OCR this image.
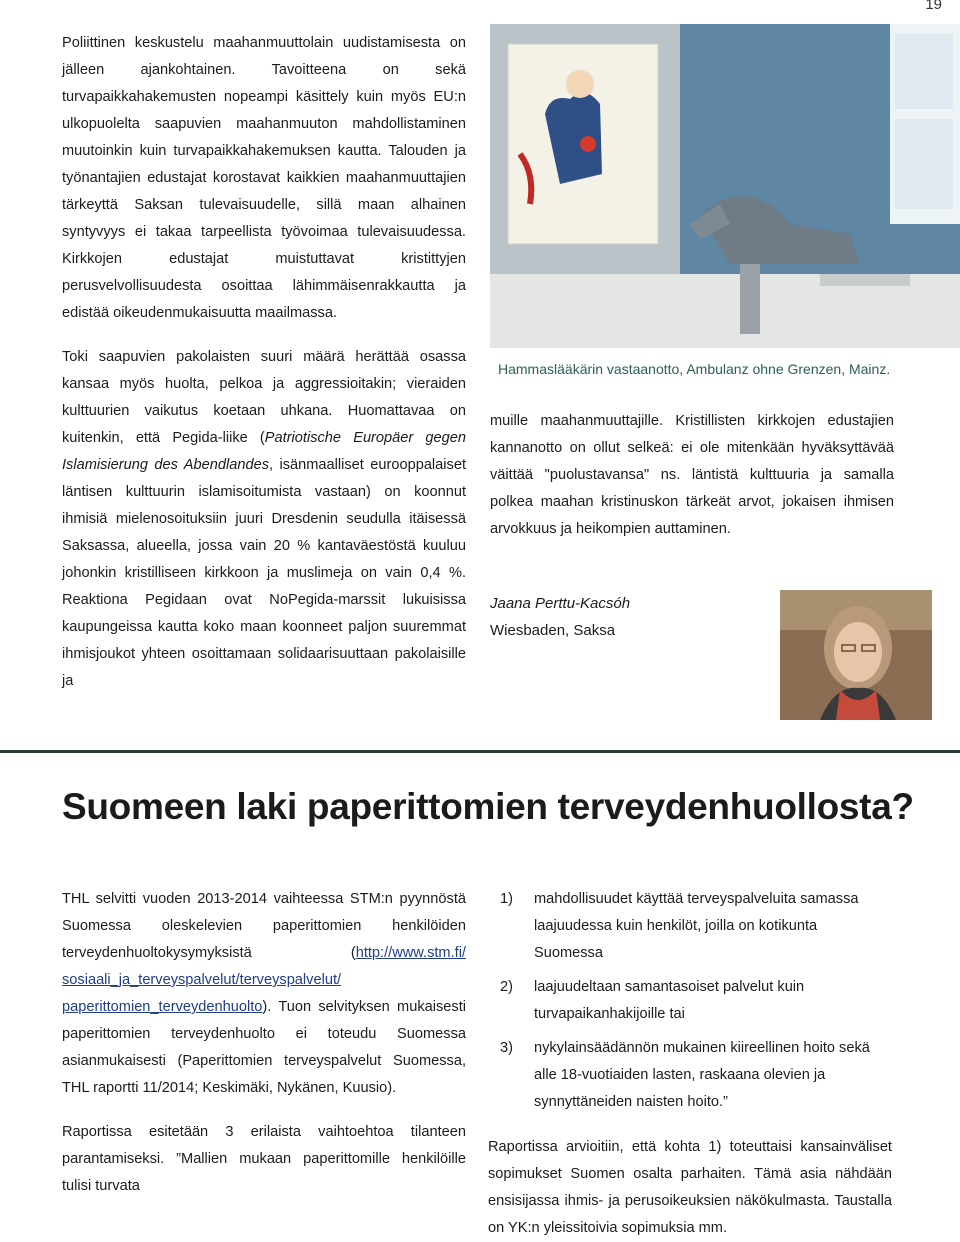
19

Poliittinen keskustelu maahanmuuttolain uudistamisesta on jälleen ajankohtainen. Tavoitteena on sekä turvapaikkahakemusten nopeampi käsittely kuin myös EU:n ulkopuolelta saapuvien maahanmuuton mahdollistaminen muutoinkin kuin turvapaikkahakemuksen kautta. Talouden ja työnantajien edustajat korostavat kaikkien maahanmuuttajien tärkeyttä Saksan tulevaisuudelle, sillä maan alhainen syntyvyys ei takaa tarpeellista työvoimaa tulevaisuudessa. Kirkkojen edustajat muistuttavat kristittyjen perusvelvollisuudesta osoittaa lähimmäisenrakkautta ja edistää oikeudenmukaisuutta maailmassa.

Toki saapuvien pakolaisten suuri määrä herättää osassa kansaa myös huolta, pelkoa ja aggressioitakin; vieraiden kulttuurien vaikutus koetaan uhkana. Huomattavaa on kuitenkin, että Pegida-liike (Patriotische Europäer gegen Islamisierung des Abendlandes, isänmaalliset eurooppalaiset läntisen kulttuurin islamisoitumista vastaan) on koonnut ihmisiä mielenosoituksiin juuri Dresdenin seudulla itäisessä Saksassa, alueella, jossa vain 20 % kantaväestöstä kuuluu johonkin kristilliseen kirkkoon ja muslimeja on vain 0,4 %. Reaktiona Pegidaan ovat NoPegida-marssit lukuisissa kaupungeissa kautta koko maan koonneet paljon suuremmat ihmisjoukot yhteen osoittamaan solidaarisuuttaan pakolaisille ja

Hammaslääkärin vastaanotto, Ambulanz ohne Grenzen, Mainz.

muille maahanmuuttajille. Kristillisten kirkkojen edustajien kannanotto on ollut selkeä: ei ole mitenkään hyväksyttävää väittää "puolustavansa" ns. läntistä kulttuuria ja samalla polkea maahan kristinuskon tärkeät arvot, jokaisen ihmisen arvokkuus ja heikompien auttaminen.

Jaana Perttu-Kacsóh
Wiesbaden, Saksa
Suomeen laki paperittomien terveydenhuollosta?

THL selvitti vuoden 2013-2014 vaihteessa STM:n pyynnöstä Suomessa oleskelevien paperittomien henkilöiden terveydenhuoltokysymyksistä (http://www.stm.fi/ sosiaali_ja_terveyspalvelut/terveyspalvelut/ paperittomien_terveydenhuolto). Tuon selvityksen mukaisesti paperittomien terveydenhuolto ei toteudu Suomessa asianmukaisesti (Paperittomien terveyspalvelut Suomessa, THL raportti 11/2014; Keskimäki, Nykänen, Kuusio).

Raportissa esitetään 3 erilaista vaihtoehtoa tilanteen parantamiseksi. ”Mallien mukaan paperittomille henkilöille tulisi turvata

1) mahdollisuudet käyttää terveyspalveluita samassa laajuudessa kuin henkilöt, joilla on kotikunta Suomessa
2) laajuudeltaan samantasoiset palvelut kuin turvapaikanhakijoille tai
3) nykylainsäädännön mukainen kiireellinen hoito sekä alle 18-vuotiaiden lasten, raskaana olevien ja synnyttäneiden naisten hoito.”

Raportissa arvioitiin, että kohta 1) toteuttaisi kansainväliset sopimukset Suomen osalta parhaiten. Tämä asia nähdään ensisijassa ihmis- ja perusoikeuksien näkökulmasta. Taustalla on YK:n yleissitoivia sopimuksia mm.
